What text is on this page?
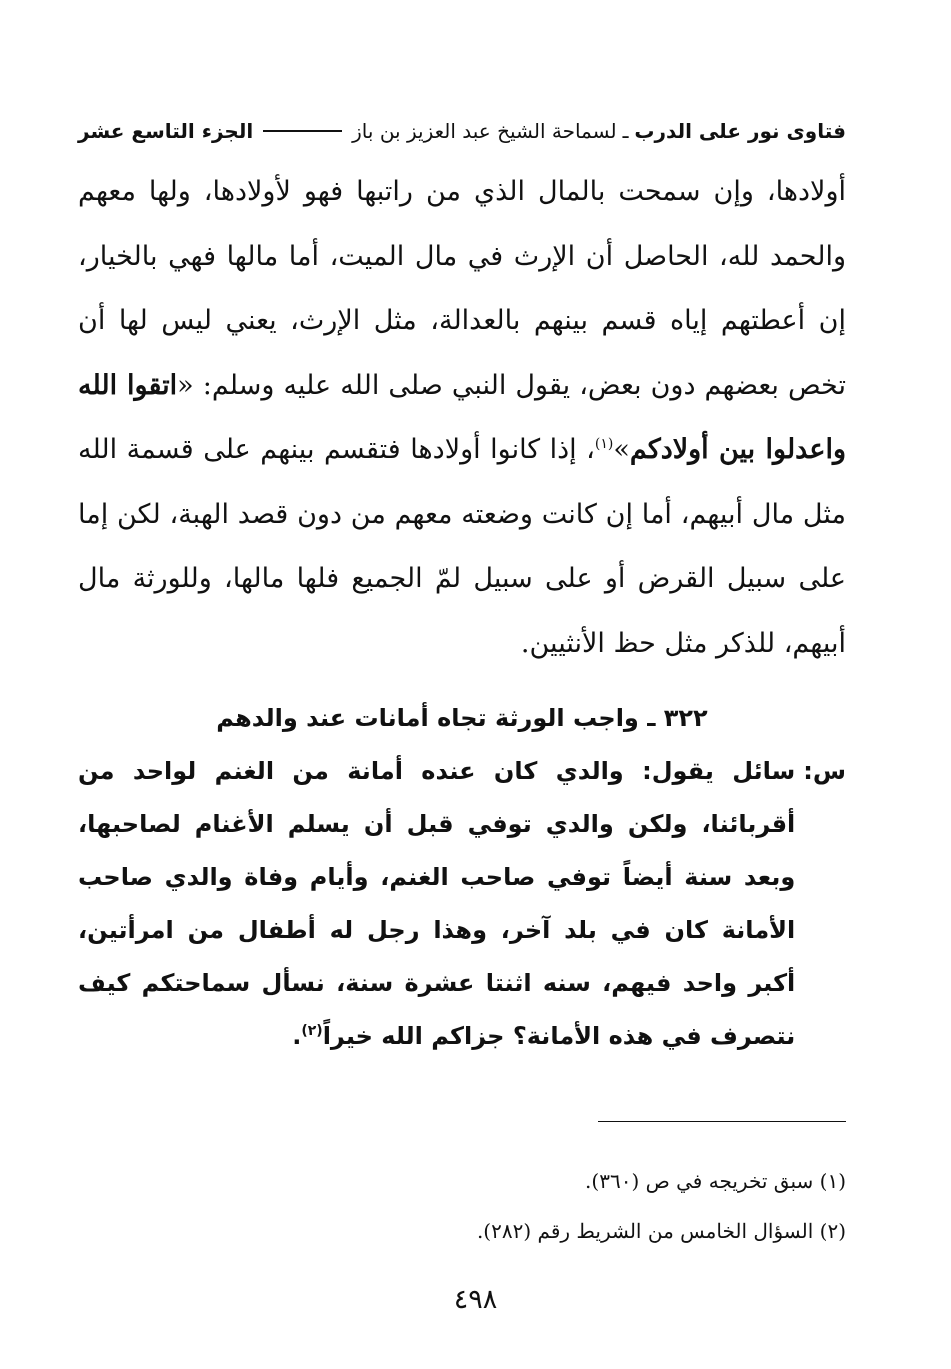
فتاوى نور على الدرب
ـ
لسماحة الشيخ عبد العزيز بن باز
الجزء التاسع عشر

أولادها، وإن سمحت بالمال الذي من راتبها فهو لأولادها، ولها معهم والحمد لله، الحاصل أن الإرث في مال الميت، أما مالها فهي بالخيار، إن أعطتهم إياه قسم بينهم بالعدالة، مثل الإرث، يعني ليس لها أن تخص بعضهم دون بعض، يقول النبي صلى الله عليه وسلم: «اتقوا الله واعدلوا بين أولادكم»$^{(١)}$، إذا كانوا أولادها فتقسم بينهم على قسمة الله مثل مال أبيهم، أما إن كانت وضعته معهم من دون قصد الهبة، لكن إما على سبيل القرض أو على سبيل لمّ الجميع فلها مالها، وللورثة مال أبيهم، للذكر مثل حظ الأنثيين.

٣٢٢ ـ واجب الورثة تجاه أمانات عند والدهم
س:
سائل يقول: والدي كان عنده أمانة من الغنم لواحد من أقربائنا، ولكن والدي توفي قبل أن يسلم الأغنام لصاحبها، وبعد سنة أيضاً توفي صاحب الغنم، وأيام وفاة والدي صاحب الأمانة كان في بلد آخر، وهذا رجل له أطفال من امرأتين، أكبر واحد فيهم، سنه اثنتا عشرة سنة، نسأل سماحتكم كيف نتصرف في هذه الأمانة؟ جزاكم الله خيراً$^{(٢)}$.

(١) سبق تخريجه في ص (٣٦٠).

(٢) السؤال الخامس من الشريط رقم (٢٨٢).

٤٩٨
